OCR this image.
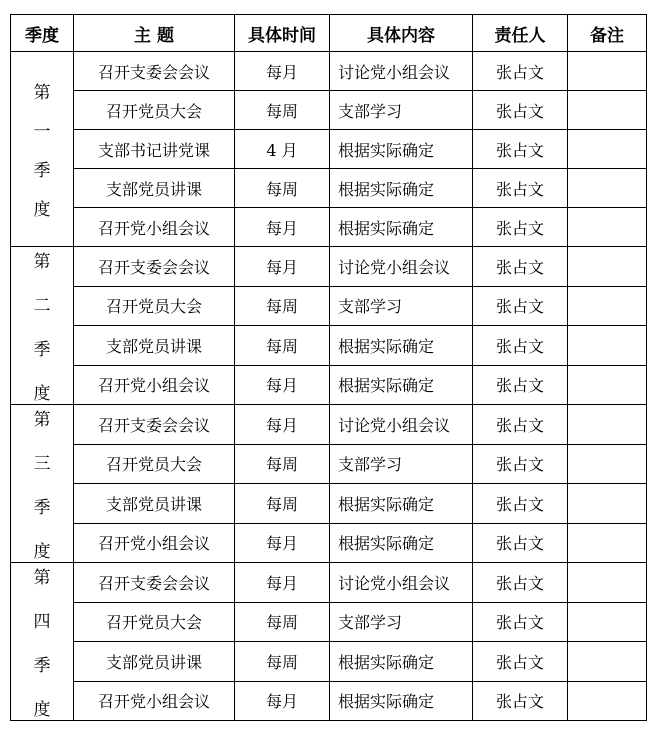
季度	主 题	具体时间	具体内容	责任人	备注

第
一
季
度	召开支委会会议	每月	讨论党小组会议	张占文	
	召开党员大会	每周	支部学习	张占文	
	支部书记讲党课	4 月	根据实际确定	张占文	
	支部党员讲课	每周	根据实际确定	张占文	
	召开党小组会议	每月	根据实际确定	张占文	

第
二
季
度	召开支委会会议	每月	讨论党小组会议	张占文	
	召开党员大会	每周	支部学习	张占文	
	支部党员讲课	每周	根据实际确定	张占文	
	召开党小组会议	每月	根据实际确定	张占文	

第
三
季
度	召开支委会会议	每月	讨论党小组会议	张占文	
	召开党员大会	每周	支部学习	张占文	
	支部党员讲课	每周	根据实际确定	张占文	
	召开党小组会议	每月	根据实际确定	张占文	

第
四
季
度	召开支委会会议	每月	讨论党小组会议	张占文	
	召开党员大会	每周	支部学习	张占文	
	支部党员讲课	每周	根据实际确定	张占文	
	召开党小组会议	每月	根据实际确定	张占文	
